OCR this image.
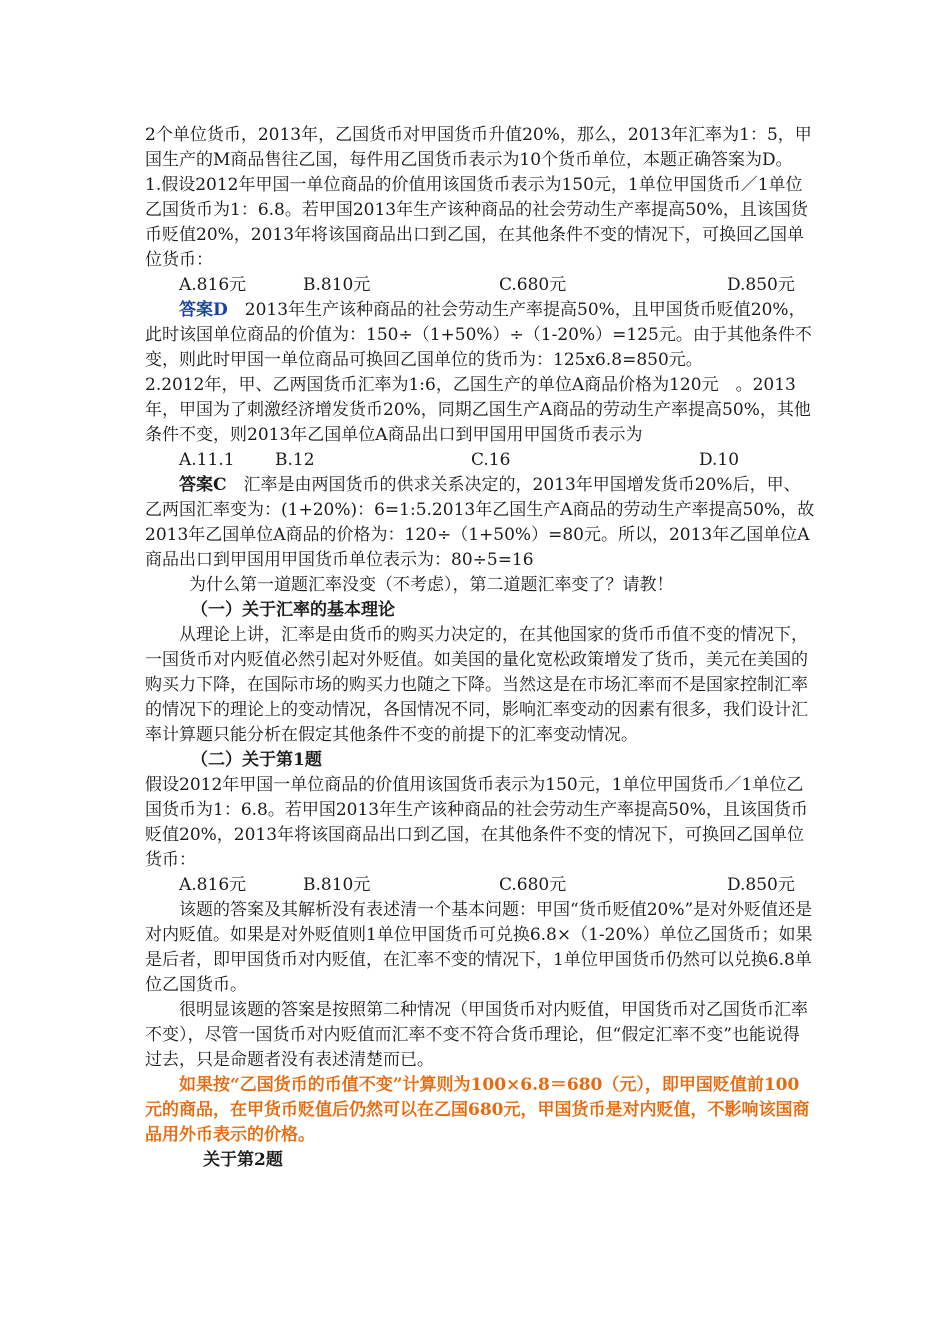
2个单位货币，2013年，乙国货币对甲国货币升值20%，那么，2013年汇率为1：5，甲国生产的M商品售往乙国，每件用乙国货币表示为10个货币单位，本题正确答案为D。

1.假设2012年甲国一单位商品的价值用该国货币表示为150元，1单位甲国货币／1单位乙国货币为1：6.8。若甲国2013年生产该种商品的社会劳动生产率提高50%，且该国货币贬值20%，2013年将该国商品出口到乙国，在其他条件不变的情况下，可换回乙国单位货币：

A.816元	B.810元	C.680元	D.850元

答案D　2013年生产该种商品的社会劳动生产率提高50%，且甲国货币贬值20%，此时该国单位商品的价值为：150÷（1+50%）÷（1-20%）=125元。由于其他条件不变，则此时甲国一单位商品可换回乙国单位的货币为：125x6.8=850元。

2.2012年，甲、乙两国货币汇率为1:6，乙国生产的单位A商品价格为120元　。2013年，甲国为了刺激经济增发货币20%，同期乙国生产A商品的劳动生产率提高50%，其他条件不变，则2013年乙国单位A商品出口到甲国用甲国货币表示为

A.11.1	B.12	C.16	D.10

答案C  汇率是由两国货币的供求关系决定的，2013年甲国增发货币20%后，甲、乙两国汇率变为：(1+20%)：6=1:5.2013年乙国生产A商品的劳动生产率提高50%，故2013年乙国单位A商品的价格为：120÷（1+50%）=80元。所以，2013年乙国单位A商品出口到甲国用甲国货币单位表示为：80÷5=16

为什么第一道题汇率没变（不考虑），第二道题汇率变了？请教！

（一）关于汇率的基本理论

从理论上讲，汇率是由货币的购买力决定的，在其他国家的货币币值不变的情况下，一国货币对内贬值必然引起对外贬值。如美国的量化宽松政策增发了货币，美元在美国的购买力下降，在国际市场的购买力也随之下降。当然这是在市场汇率而不是国家控制汇率的情况下的理论上的变动情况，各国情况不同，影响汇率变动的因素有很多，我们设计汇率计算题只能分析在假定其他条件不变的前提下的汇率变动情况。

（二）关于第1题

假设2012年甲国一单位商品的价值用该国货币表示为150元，1单位甲国货币／1单位乙国货币为1：6.8。若甲国2013年生产该种商品的社会劳动生产率提高50%，且该国货币贬值20%，2013年将该国商品出口到乙国，在其他条件不变的情况下，可换回乙国单位货币：

A.816元	B.810元	C.680元	D.850元

该题的答案及其解析没有表述清一个基本问题：甲国“货币贬值20%”是对外贬值还是对内贬值。如果是对外贬值则1单位甲国货币可兑换6.8×（1-20%）单位乙国货币；如果是后者，即甲国货币对内贬值，在汇率不变的情况下，1单位甲国货币仍然可以兑换6.8单位乙国货币。

很明显该题的答案是按照第二种情况（甲国货币对内贬值，甲国货币对乙国货币汇率不变），尽管一国货币对内贬值而汇率不变不符合货币理论，但“假定汇率不变”也能说得过去，只是命题者没有表述清楚而已。

如果按“乙国货币的币值不变”计算则为100×6.8＝680（元），即甲国贬值前100元的商品，在甲货币贬值后仍然可以在乙国680元，甲国货币是对内贬值，不影响该国商品用外币表示的价格。

关于第2题
